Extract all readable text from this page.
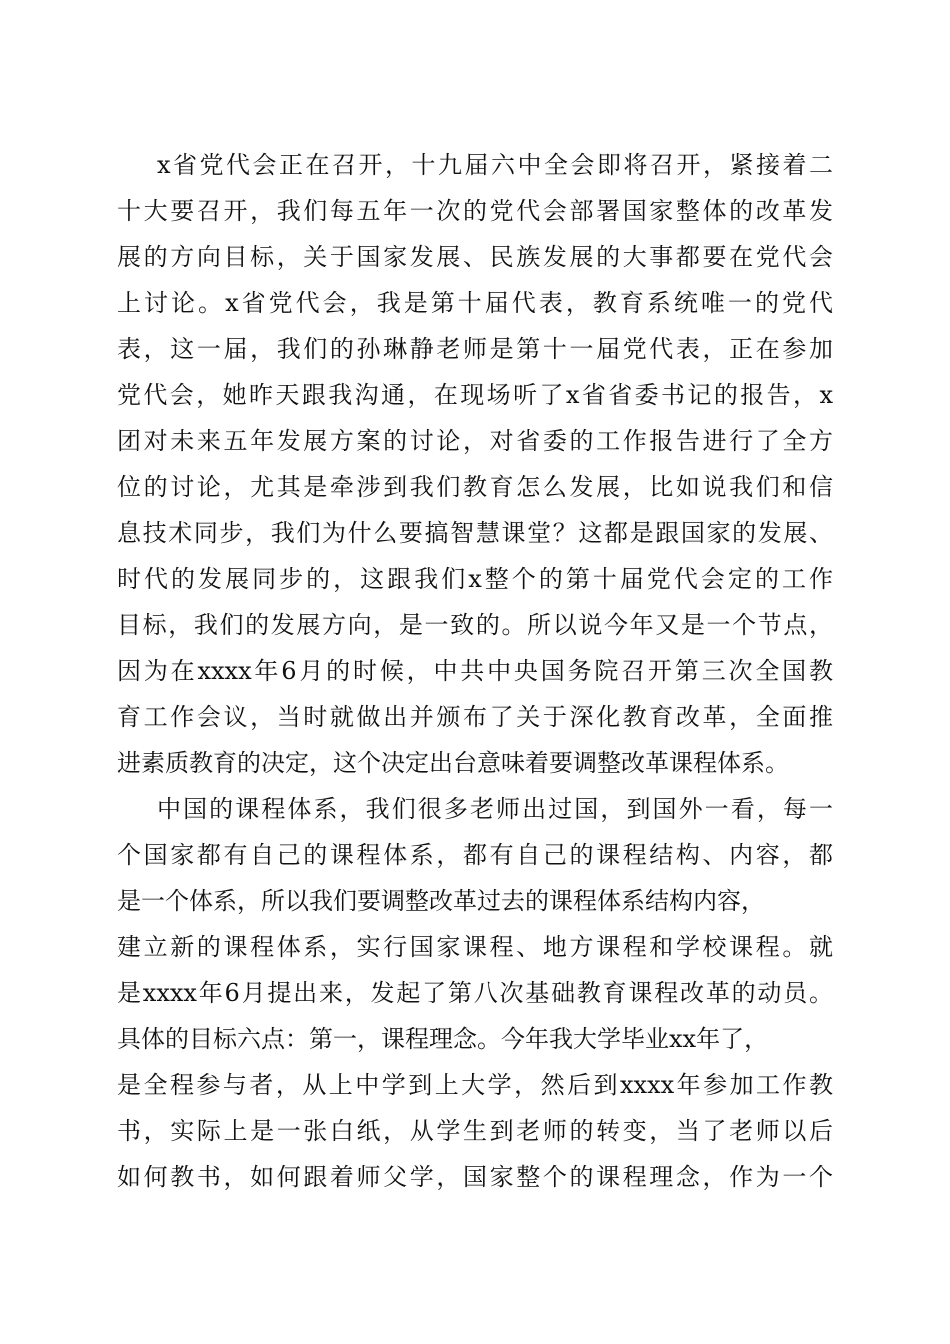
x省党代会正在召开，十九届六中全会即将召开，紧接着二
十大要召开，我们每五年一次的党代会部署国家整体的改革发
展的方向目标，关于国家发展、民族发展的大事都要在党代会
上讨论。x省党代会，我是第十届代表，教育系统唯一的党代
表，这一届，我们的孙琳静老师是第十一届党代表，正在参加
党代会，她昨天跟我沟通，在现场听了x省省委书记的报告，x
团对未来五年发展方案的讨论，对省委的工作报告进行了全方
位的讨论，尤其是牵涉到我们教育怎么发展，比如说我们和信
息技术同步，我们为什么要搞智慧课堂？这都是跟国家的发展、
时代的发展同步的，这跟我们x整个的第十届党代会定的工作
目标，我们的发展方向，是一致的。所以说今年又是一个节点，
因为在xxxx年6月的时候，中共中央国务院召开第三次全国教
育工作会议，当时就做出并颁布了关于深化教育改革，全面推
进素质教育的决定，这个决定出台意味着要调整改革课程体系。
中国的课程体系，我们很多老师出过国，到国外一看，每一
个国家都有自己的课程体系，都有自己的课程结构、内容，都
是一个体系，所以我们要调整改革过去的课程体系结构内容，
建立新的课程体系，实行国家课程、地方课程和学校课程。就
是xxxx年6月提出来，发起了第八次基础教育课程改革的动员。
具体的目标六点：第一，课程理念。今年我大学毕业xx年了，
是全程参与者，从上中学到上大学，然后到xxxx年参加工作教
书，实际上是一张白纸，从学生到老师的转变，当了老师以后
如何教书，如何跟着师父学，国家整个的课程理念，作为一个
